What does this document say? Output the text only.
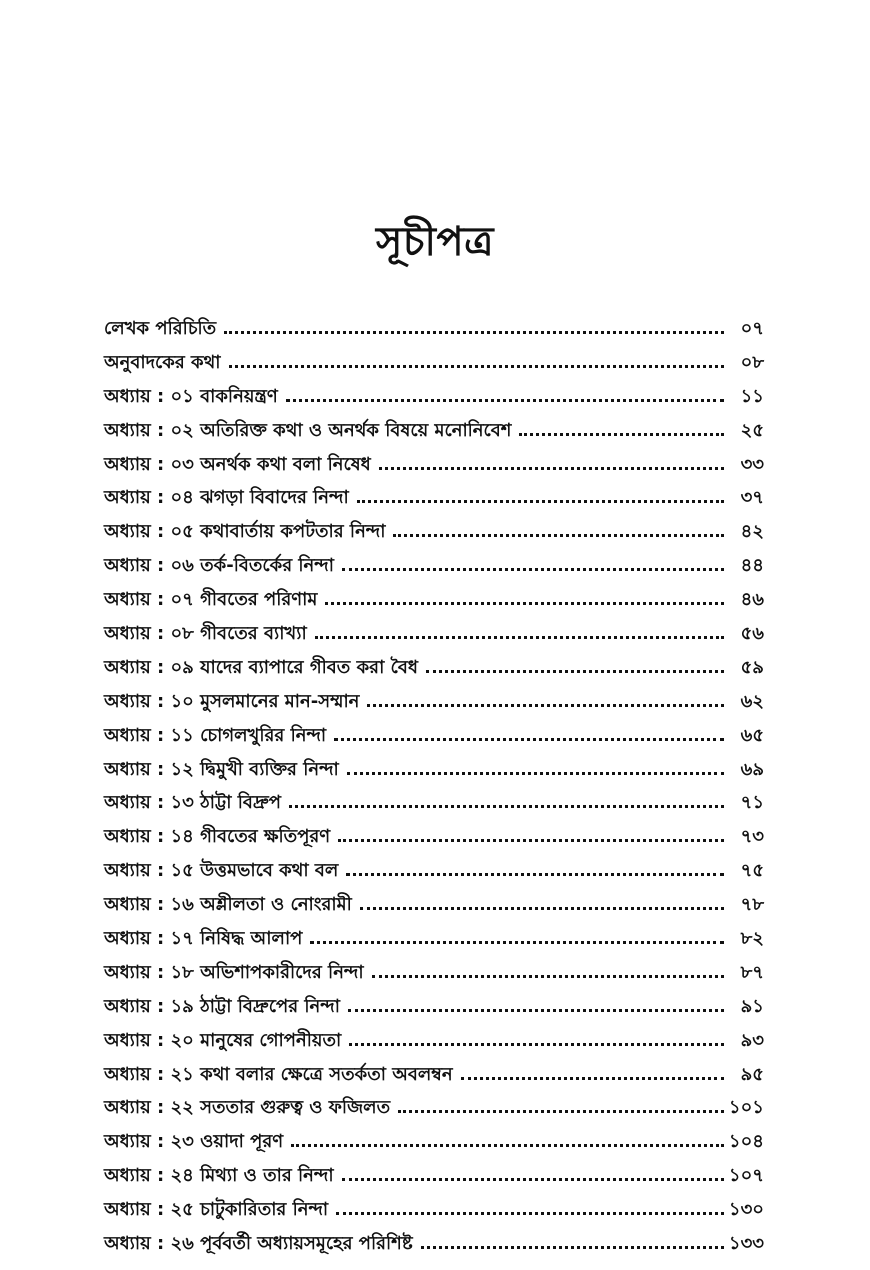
সূচীপত্র
লেখক পরিচিতি	০৭
অনুবাদকের কথা	০৮
অধ্যায় : ০১ বাকনিয়ন্ত্রণ	১১
অধ্যায় : ০২ অতিরিক্ত কথা ও অনর্থক বিষয়ে মনোনিবেশ	২৫
অধ্যায় : ০৩ অনর্থক কথা বলা নিষেধ	৩৩
অধ্যায় : ০৪ ঝগড়া বিবাদের নিন্দা	৩৭
অধ্যায় : ০৫ কথাবার্তায় কপটতার নিন্দা	৪২
অধ্যায় : ০৬ তর্ক-বিতর্কের নিন্দা	৪৪
অধ্যায় : ০৭ গীবতের পরিণাম	৪৬
অধ্যায় : ০৮ গীবতের ব্যাখ্যা	৫৬
অধ্যায় : ০৯ যাদের ব্যাপারে গীবত করা বৈধ	৫৯
অধ্যায় : ১০ মুসলমানের মান-সম্মান	৬২
অধ্যায় : ১১ চোগলখুরির নিন্দা	৬৫
অধ্যায় : ১২ দ্বিমুখী ব্যক্তির নিন্দা	৬৯
অধ্যায় : ১৩ ঠাট্টা বিদ্রুপ	৭১
অধ্যায় : ১৪ গীবতের ক্ষতিপূরণ	৭৩
অধ্যায় : ১৫ উত্তমভাবে কথা বল	৭৫
অধ্যায় : ১৬ অশ্লীলতা ও নোংরামী	৭৮
অধ্যায় : ১৭ নিষিদ্ধ আলাপ	৮২
অধ্যায় : ১৮ অভিশাপকারীদের নিন্দা	৮৭
অধ্যায় : ১৯ ঠাট্টা বিদ্রুপের নিন্দা	৯১
অধ্যায় : ২০ মানুষের গোপনীয়তা	৯৩
অধ্যায় : ২১ কথা বলার ক্ষেত্রে সতর্কতা অবলম্বন	৯৫
অধ্যায় : ২২ সততার গুরুত্ব ও ফজিলত	১০১
অধ্যায় : ২৩ ওয়াদা পূরণ	১০৪
অধ্যায় : ২৪ মিথ্যা ও তার নিন্দা	১০৭
অধ্যায় : ২৫ চাটুকারিতার নিন্দা	১৩০
অধ্যায় : ২৬ পূর্ববর্তী অধ্যায়সমূহের পরিশিষ্ট	১৩৩
